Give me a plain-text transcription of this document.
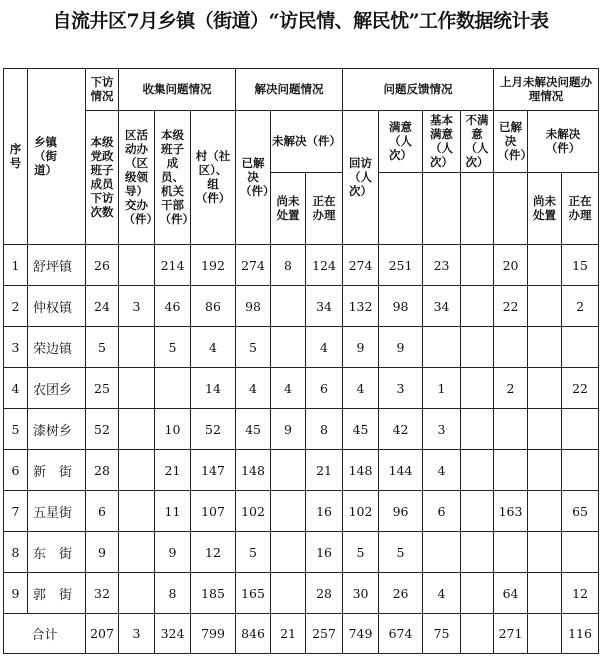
自流井区7月乡镇（街道）“访民情、解民忧”工作数据统计表
序号	乡镇（街道）	下访情况	收集问题情况			解决问题情况			问题反馈情况				上月未解决问题办理情况		
		本级党政班子成员下访次数	区活动办（区级领导）交办（件）	本级班子成员、机关干部（件）	村（社区）、组（件）	已解决（件）	未解决（件）		回访（人次）	满意（人次）	基本满意（人次）	不满意（人次）	已解决（件）	未解决（件）	
							尚未处置	正在办理						尚未处置	正在办理
1	舒坪镇	26		214	192	274	8	124	274	251	23		20		15
2	仲权镇	24	3	46	86	98		34	132	98	34		22		2
3	荣边镇	5		5	4	5		4	9	9					
4	农团乡	25			14	4	4	6	4	3	1		2		22
5	漆树乡	52		10	52	45	9	8	45	42	3				
6	新　街	28		21	147	148		21	148	144	4				
7	五星街	6		11	107	102		16	102	96	6		163		65
8	东　街	9		9	12	5		16	5	5					
9	郭　街	32		8	185	165		28	30	26	4		64		12
合计		207	3	324	799	846	21	257	749	674	75		271		116
